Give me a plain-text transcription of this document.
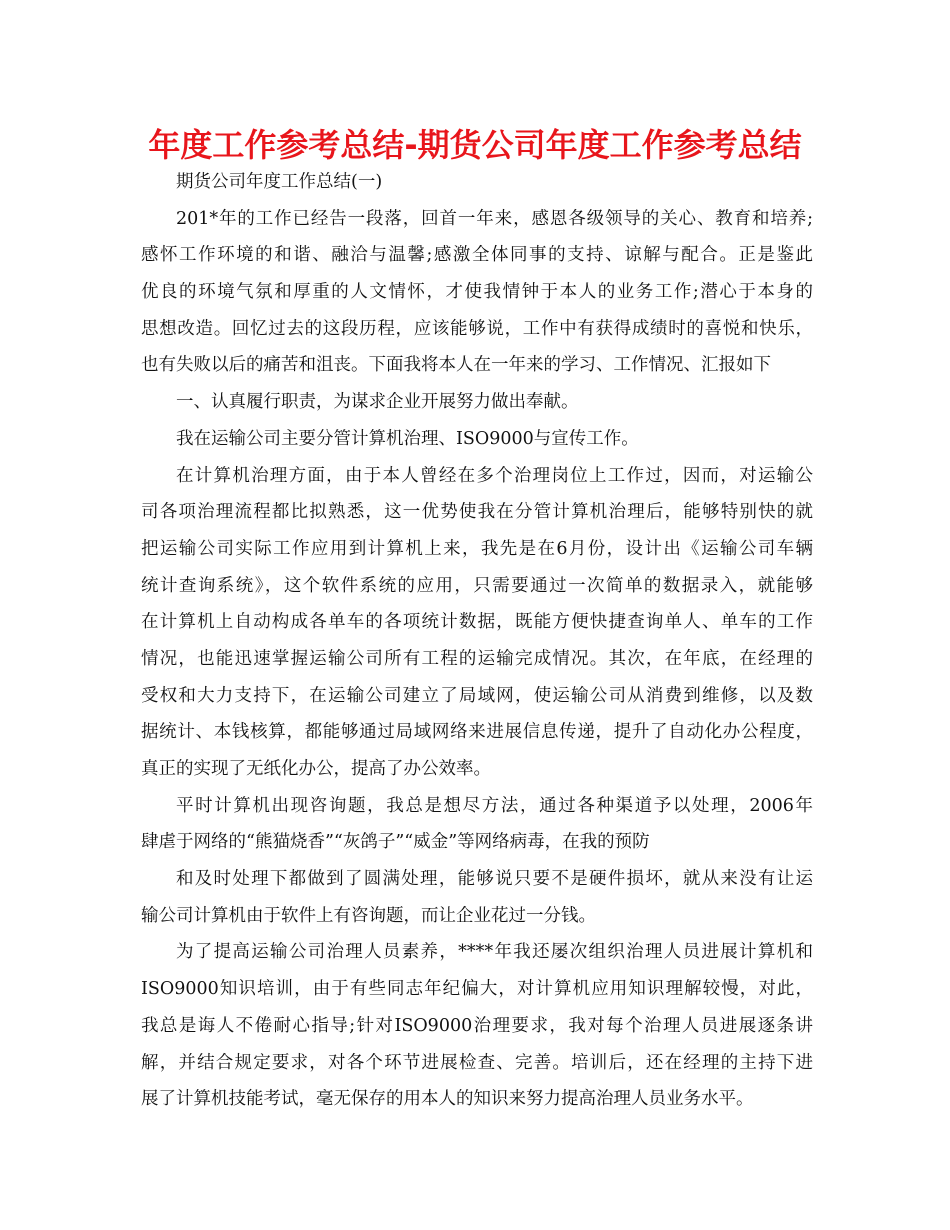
年度工作参考总结-期货公司年度工作参考总结
期货公司年度工作总结(一)
201*年的工作已经告一段落，回首一年来，感恩各级领导的关心、教育和培养;
感怀工作环境的和谐、融洽与温馨;感激全体同事的支持、谅解与配合。正是鉴此
优良的环境气氛和厚重的人文情怀，才使我情钟于本人的业务工作;潜心于本身的
思想改造。回忆过去的这段历程，应该能够说，工作中有获得成绩时的喜悦和快乐，
也有失败以后的痛苦和沮丧。下面我将本人在一年来的学习、工作情况、汇报如下
一、认真履行职责，为谋求企业开展努力做出奉献。
我在运输公司主要分管计算机治理、ISO9000与宣传工作。
在计算机治理方面，由于本人曾经在多个治理岗位上工作过，因而，对运输公
司各项治理流程都比拟熟悉，这一优势使我在分管计算机治理后，能够特别快的就
把运输公司实际工作应用到计算机上来，我先是在6月份，设计出《运输公司车辆
统计查询系统》，这个软件系统的应用，只需要通过一次简单的数据录入，就能够
在计算机上自动构成各单车的各项统计数据，既能方便快捷查询单人、单车的工作
情况，也能迅速掌握运输公司所有工程的运输完成情况。其次，在年底，在经理的
受权和大力支持下，在运输公司建立了局域网，使运输公司从消费到维修，以及数
据统计、本钱核算，都能够通过局域网络来进展信息传递，提升了自动化办公程度，
真正的实现了无纸化办公，提高了办公效率。
平时计算机出现咨询题，我总是想尽方法，通过各种渠道予以处理，2006年
肆虐于网络的“熊猫烧香”“灰鸽子”“威金”等网络病毒，在我的预防
和及时处理下都做到了圆满处理，能够说只要不是硬件损坏，就从来没有让运
输公司计算机由于软件上有咨询题，而让企业花过一分钱。
为了提高运输公司治理人员素养，****年我还屡次组织治理人员进展计算机和
ISO9000知识培训，由于有些同志年纪偏大，对计算机应用知识理解较慢，对此，
我总是诲人不倦耐心指导;针对ISO9000治理要求，我对每个治理人员进展逐条讲
解，并结合规定要求，对各个环节进展检查、完善。培训后，还在经理的主持下进
展了计算机技能考试，毫无保存的用本人的知识来努力提高治理人员业务水平。
